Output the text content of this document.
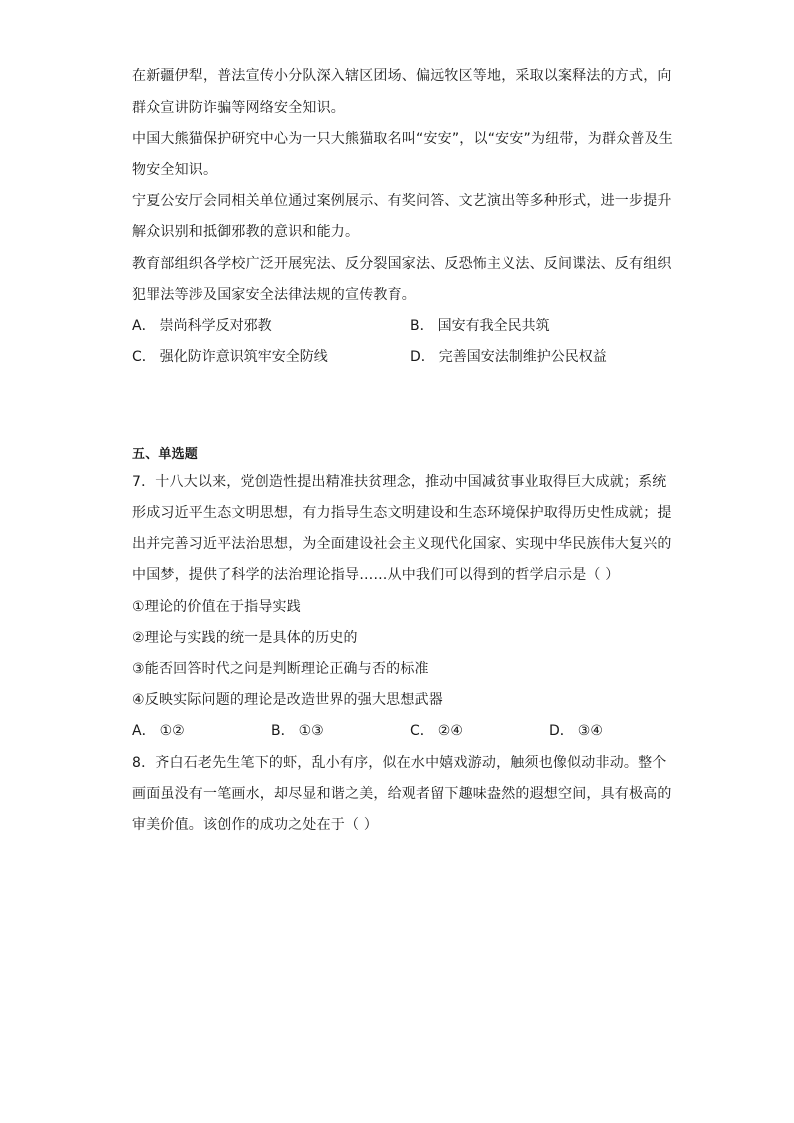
在新疆伊犁，普法宣传小分队深入辖区团场、偏远牧区等地，采取以案释法的方式，向
群众宣讲防诈骗等网络安全知识。
中国大熊猫保护研究中心为一只大熊猫取名叫“安安”，以“安安”为纽带，为群众普及生
物安全知识。
宁夏公安厅会同相关单位通过案例展示、有奖问答、文艺演出等多种形式，进一步提升
解众识别和抵御邪教的意识和能力。
教育部组织各学校广泛开展宪法、反分裂国家法、反恐怖主义法、反间谍法、反有组织
犯罪法等涉及国家安全法律法规的宣传教育。
A． 崇尚科学反对邪教	B． 国安有我全民共筑
C． 强化防诈意识筑牢安全防线	D． 完善国安法制维护公民权益
五、单选题
7．十八大以来，党创造性提出精准扶贫理念，推动中国减贫事业取得巨大成就；系统
形成习近平生态文明思想，有力指导生态文明建设和生态环境保护取得历史性成就；提
出并完善习近平法治思想，为全面建设社会主义现代化国家、实现中华民族伟大复兴的
中国梦，提供了科学的法治理论指导……从中我们可以得到的哲学启示是（ ）
①理论的价值在于指导实践
②理论与实践的统一是具体的历史的
③能否回答时代之问是判断理论正确与否的标准
④反映实际问题的理论是改造世界的强大思想武器
A． ①②	B． ①③	C． ②④	D． ③④
8．齐白石老先生笔下的虾，乱小有序，似在水中嬉戏游动，触须也像似动非动。整个
画面虽没有一笔画水，却尽显和谐之美，给观者留下趣味盎然的遐想空间，具有极高的
审美价值。该创作的成功之处在于（ ）
